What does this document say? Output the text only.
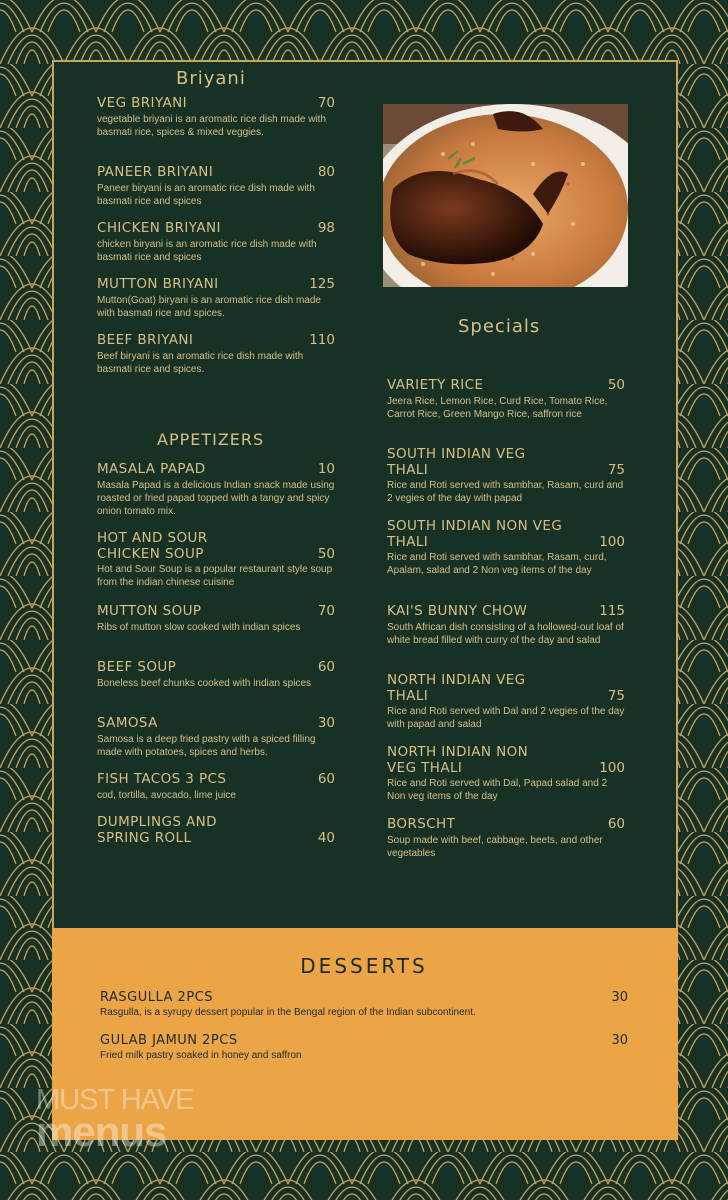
Briyani
VEG BRIYANI	70
vegetable briyani is an aromatic rice dish made with basmati rice, spices & mixed veggies.
PANEER BRIYANI	80
Paneer biryani is an aromatic rice dish made with basmati rice and spices
CHICKEN BRIYANI	98
chicken biryani is an aromatic rice dish made with basmati rice and spices
MUTTON BRIYANI	125
Mutton(Goat) biryani is an aromatic rice dish made with basmati rice and spices.
BEEF BRIYANI	110
Beef biryani is an aromatic rice dish made with basmati rice and spices.
APPETIZERS
MASALA PAPAD	10
Masala Papad is a delicious Indian snack made using roasted or fried papad topped with a tangy and spicy onion tomato mix.
HOT AND SOUR
CHICKEN SOUP	50
Hot and Sour Soup is a popular restaurant style soup from the indian chinese cuisine
MUTTON SOUP	70
Ribs of mutton slow cooked with indian spices
BEEF SOUP	60
Boneless beef chunks cooked with indian spices
SAMOSA	30
Samosa is a deep fried pastry with a spiced filling made with potatoes, spices and herbs.
FISH TACOS 3 PCS	60
cod, tortilla, avocado, lime juice
DUMPLINGS AND
SPRING ROLL	40
Specials
VARIETY RICE	50
Jeera Rice, Lemon Rice, Curd Rice, Tomato Rice, Carrot Rice, Green Mango Rice, saffron rice
SOUTH INDIAN VEG
THALI	75
Rice and Roti served with sambhar, Rasam, curd and 2 vegies of the day with papad
SOUTH INDIAN NON VEG
THALI	100
Rice and Roti served with sambhar, Rasam, curd, Apalam, salad and 2 Non veg items of the day
KAI'S BUNNY CHOW	115
South African dish consisting of a hollowed-out loaf of white bread filled with curry of the day and salad
NORTH INDIAN VEG
THALI	75
Rice and Roti served with Dal and 2 vegies of the day with papad and salad
NORTH INDIAN NON
VEG THALI	100
Rice and Roti served with Dal, Papad salad and 2 Non veg items of the day
BORSCHT	60
Soup made with beef, cabbage, beets, and other vegetables
DESSERTS
RASGULLA 2PCS	30
Rasgulla, is a syrupy dessert popular in the Bengal region of the Indian subcontinent.
GULAB JAMUN 2PCS	30
Fried milk pastry soaked in honey and saffron
MUST HAVE
menus
